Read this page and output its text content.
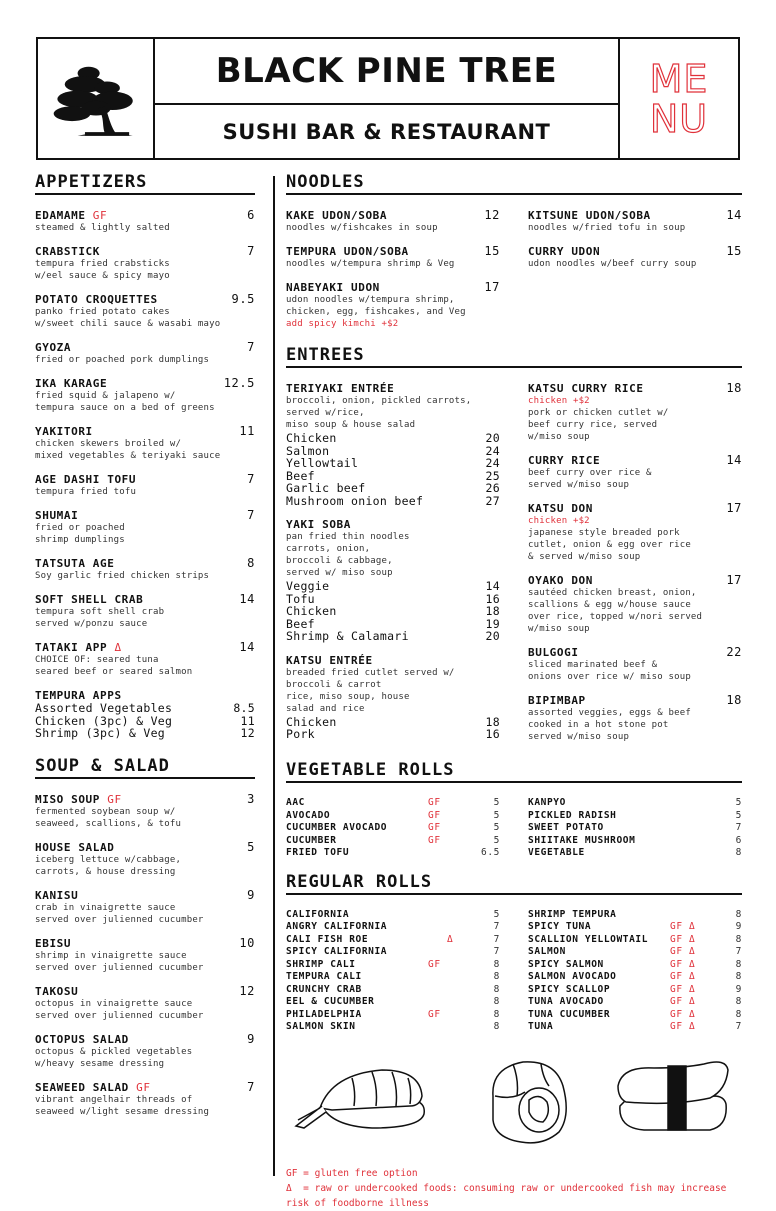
BLACK PINE TREE
SUSHI BAR & RESTAURANT
ME
NU
APPETIZERS
EDAMAME GF	6
steamed & lightly salted
CRABSTICK	7
tempura fried crabsticks
w/eel sauce & spicy mayo
POTATO CROQUETTES	9.5
panko fried potato cakes
w/sweet chili sauce & wasabi mayo
GYOZA	7
fried or poached pork dumplings
IKA KARAGE	12.5
fried squid & jalapeno w/
tempura sauce on a bed of greens
YAKITORI	11
chicken skewers broiled w/
mixed vegetables & teriyaki sauce
AGE DASHI TOFU	7
tempura fried tofu
SHUMAI	7
fried or poached
shrimp dumplings
TATSUTA AGE	8
Soy garlic fried chicken strips
SOFT SHELL CRAB	14
tempura soft shell crab
served w/ponzu sauce
TATAKI APP Δ	14
CHOICE OF: seared tuna
seared beef or seared salmon
TEMPURA APPS
Assorted Vegetables	8.5
Chicken (3pc) & Veg	11
Shrimp (3pc) & Veg	12
SOUP & SALAD
MISO SOUP GF	3
fermented soybean soup w/
seaweed, scallions, & tofu
HOUSE SALAD	5
iceberg lettuce w/cabbage,
carrots, & house dressing
KANISU	9
crab in vinaigrette sauce
served over julienned cucumber
EBISU	10
shrimp in vinaigrette sauce
served over julienned cucumber
TAKOSU	12
octopus in vinaigrette sauce
served over julienned cucumber
OCTOPUS SALAD	9
octopus & pickled vegetables
w/heavy sesame dressing
SEAWEED SALAD GF	7
vibrant angelhair threads of
seaweed w/light sesame dressing
NOODLES
KAKE UDON/SOBA	12
noodles w/fishcakes in soup
TEMPURA UDON/SOBA	15
noodles w/tempura shrimp & Veg
NABEYAKI UDON	17
udon noodles w/tempura shrimp,
chicken, egg, fishcakes, and Veg
add spicy kimchi +$2
KITSUNE UDON/SOBA	14
noodles w/fried tofu in soup
CURRY UDON	15
udon noodles w/beef curry soup
ENTREES
TERIYAKI ENTRÉE
broccoli, onion, pickled carrots,
served w/rice,
miso soup & house salad
Chicken	20
Salmon	24
Yellowtail	24
Beef	25
Garlic beef	26
Mushroom onion beef	27
YAKI SOBA
pan fried thin noodles
carrots, onion,
broccoli & cabbage,
served w/ miso soup
Veggie	14
Tofu	16
Chicken	18
Beef	19
Shrimp & Calamari	20
KATSU ENTRÉE
breaded fried cutlet served w/
broccoli & carrot
rice, miso soup, house
salad and rice
Chicken	18
Pork	16
KATSU CURRY RICE	18
chicken +$2
pork or chicken cutlet w/
beef curry rice, served
w/miso soup
CURRY RICE	14
beef curry over rice &
served w/miso soup
KATSU DON	17
chicken +$2
japanese style breaded pork
cutlet, onion & egg over rice
& served w/miso soup
OYAKO DON	17
sautéed chicken breast, onion,
scallions & egg w/house sauce
over rice, topped w/nori served
w/miso soup
BULGOGI	22
sliced marinated beef &
onions over rice w/ miso soup
BIPIMBAP	18
assorted veggies, eggs & beef
cooked in a hot stone pot
served w/miso soup
VEGETABLE ROLLS
AAC	GF	5
AVOCADO	GF	5
CUCUMBER AVOCADO	GF	5
CUCUMBER	GF	5
FRIED TOFU	6.5
KANPYO	5
PICKLED RADISH	5
SWEET POTATO	7
SHIITAKE MUSHROOM	6
VEGETABLE	8
REGULAR ROLLS
CALIFORNIA	5
ANGRY CALIFORNIA	7
CALI FISH ROE	Δ	7
SPICY CALIFORNIA	7
SHRIMP CALI	GF	8
TEMPURA CALI	8
CRUNCHY CRAB	8
EEL & CUCUMBER	8
PHILADELPHIA	GF	8
SALMON SKIN	8
SHRIMP TEMPURA	8
SPICY TUNA	GF Δ	9
SCALLION YELLOWTAIL	GF Δ	8
SALMON	GF Δ	7
SPICY SALMON	GF Δ	8
SALMON AVOCADO	GF Δ	8
SPICY SCALLOP	GF Δ	9
TUNA AVOCADO	GF Δ	8
TUNA CUCUMBER	GF Δ	8
TUNA	GF Δ	7
GF = gluten free option
Δ  = raw or undercooked foods: consuming raw or undercooked fish may increase
risk of foodborne illness
